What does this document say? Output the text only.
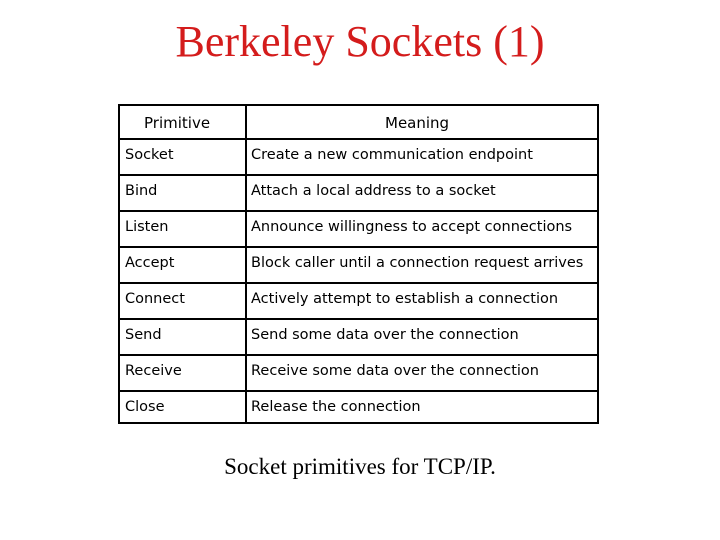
Berkeley Sockets (1)
Primitive	Meaning
Socket	Create a new communication endpoint
Bind	Attach a local address to a socket
Listen	Announce willingness to accept connections
Accept	Block caller until a connection request arrives
Connect	Actively attempt to establish a connection
Send	Send some data over the connection
Receive	Receive some data over the connection
Close	Release the connection
Socket primitives for TCP/IP.
